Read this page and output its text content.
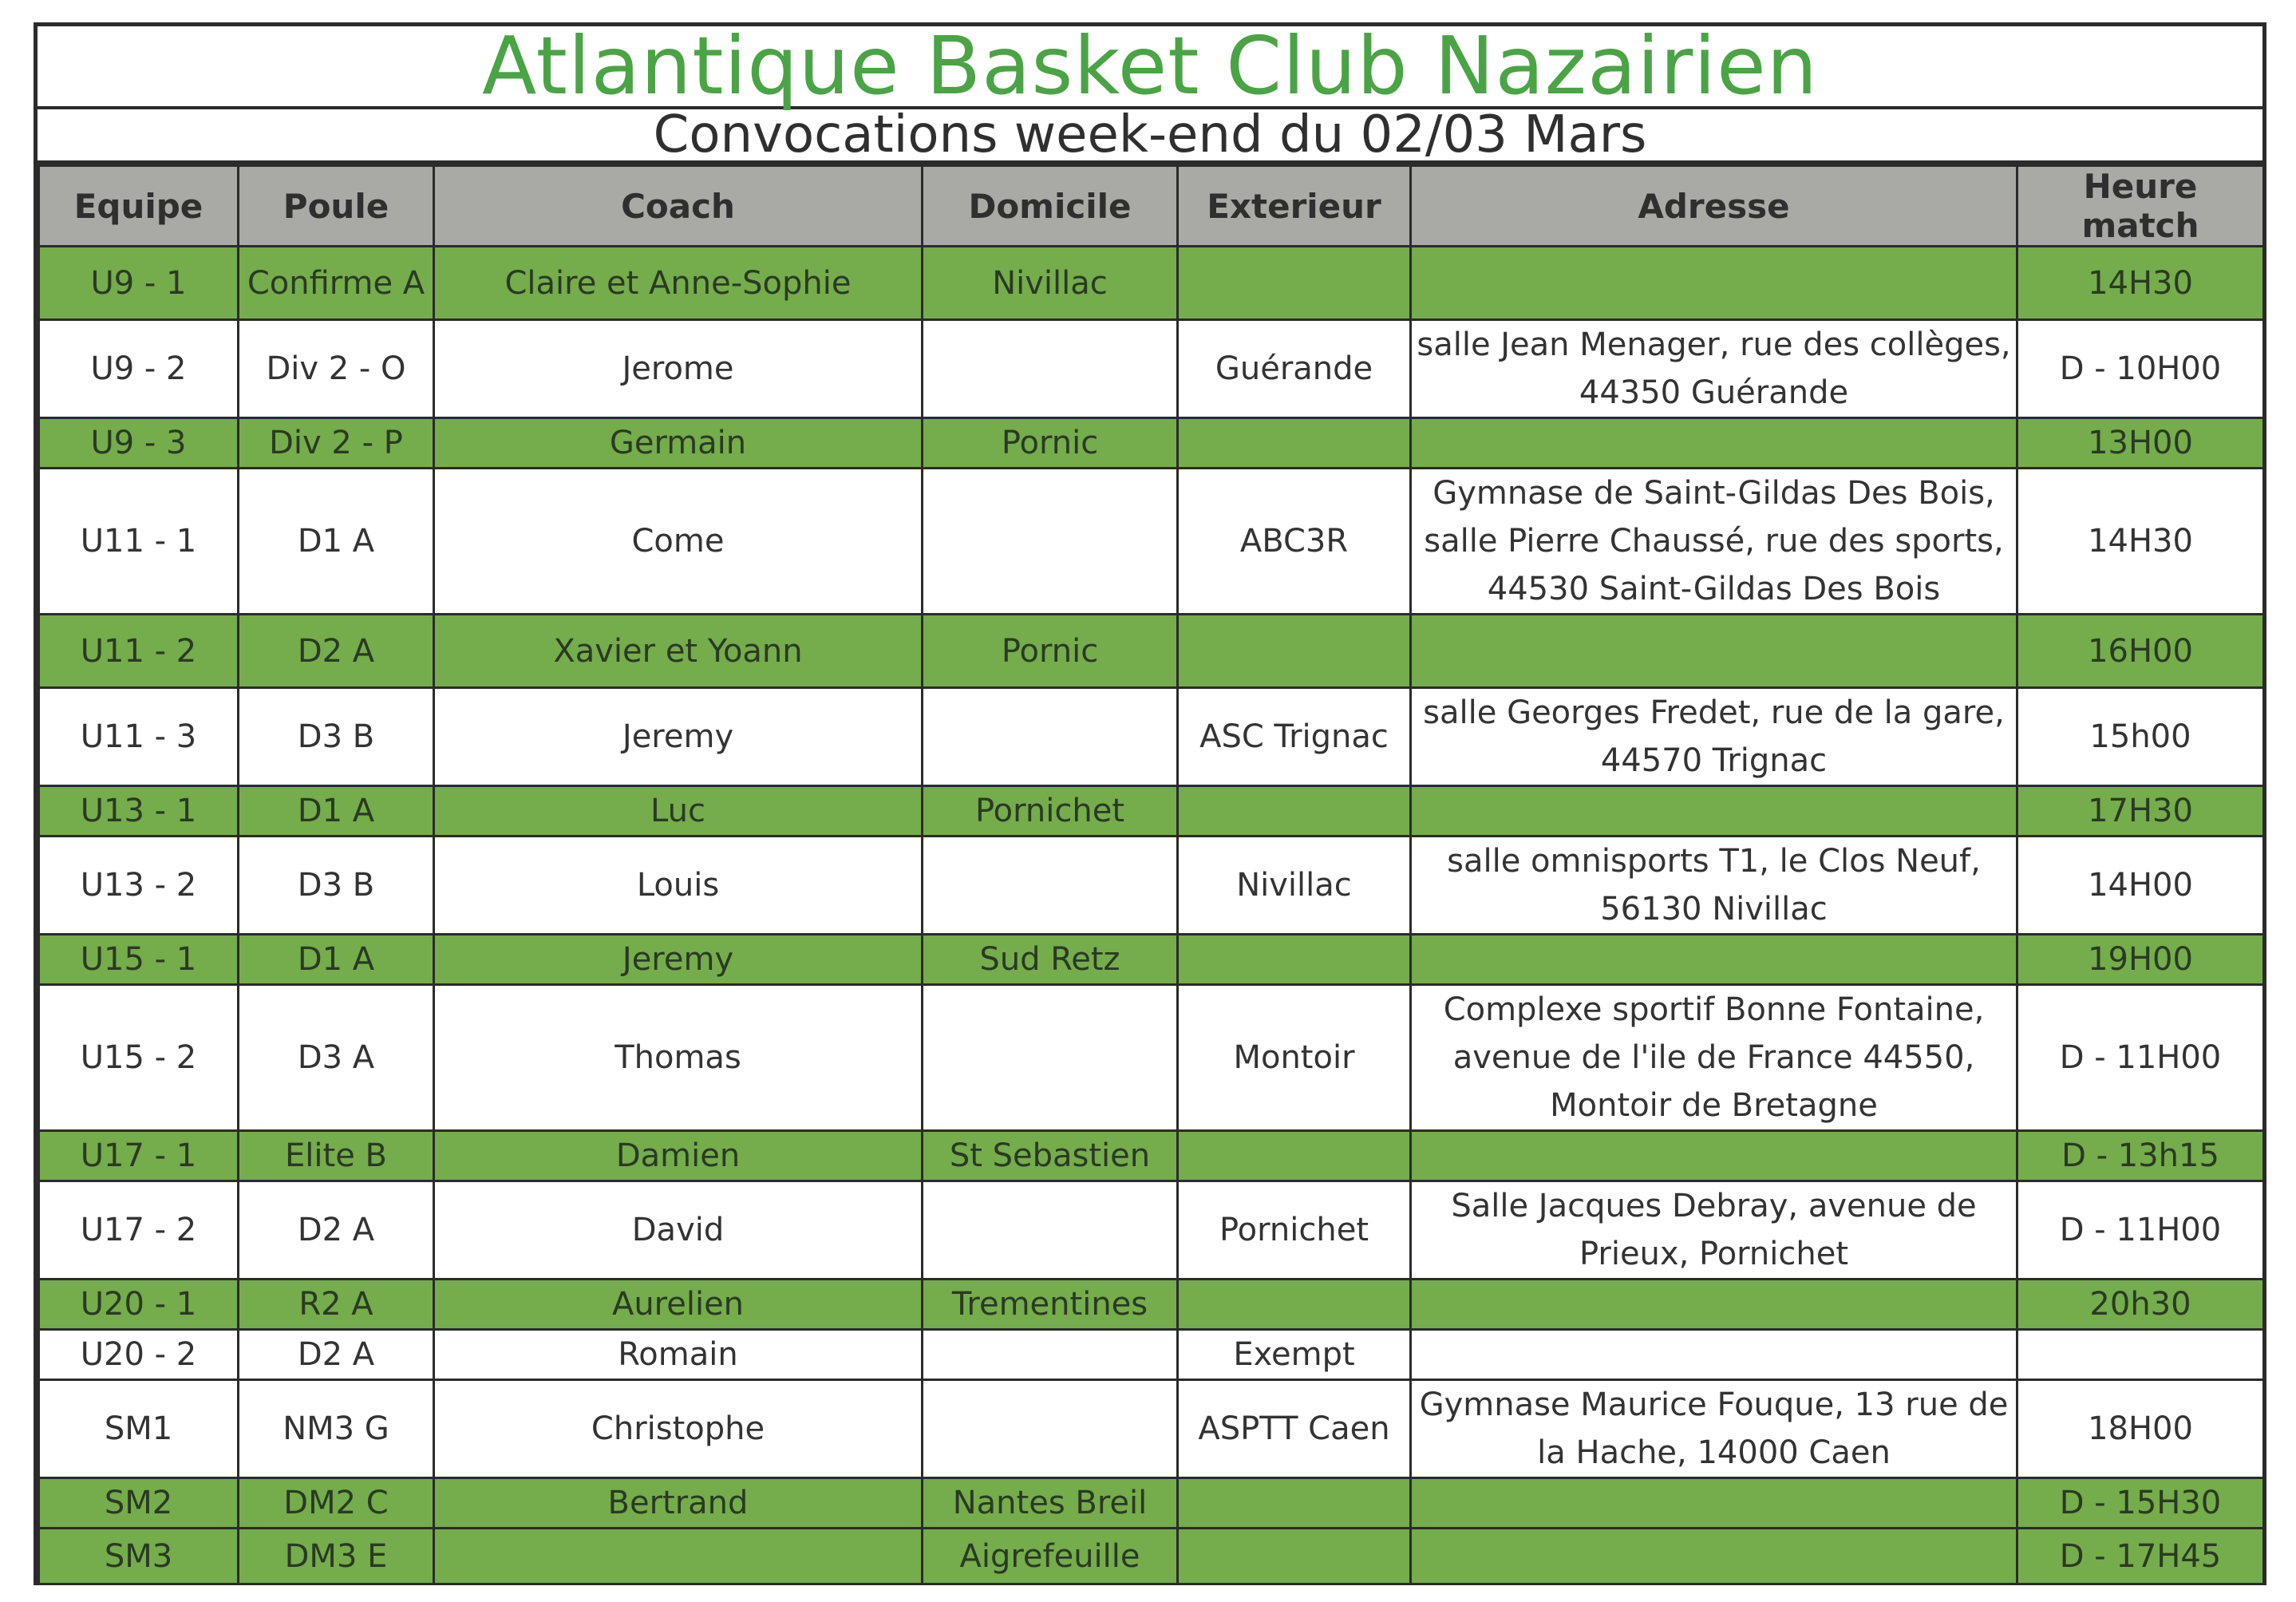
Atlantique Basket Club Nazairien
Convocations week-end du 02/03 Mars
Equipe	Poule	Coach	Domicile	Exterieur	Adresse	Heure match
U9 - 1	Confirme A	Claire et Anne-Sophie	Nivillac			14H30
U9 - 2	Div 2 - O	Jerome		Guérande	salle Jean Menager, rue des collèges, 44350 Guérande	D - 10H00
U9 - 3	Div 2 - P	Germain	Pornic			13H00
U11 - 1	D1 A	Come		ABC3R	Gymnase de Saint-Gildas Des Bois, salle Pierre Chaussé, rue des sports, 44530 Saint-Gildas Des Bois	14H30
U11 - 2	D2 A	Xavier et Yoann	Pornic			16H00
U11 - 3	D3 B	Jeremy		ASC Trignac	salle Georges Fredet, rue de la gare, 44570 Trignac	15h00
U13 - 1	D1 A	Luc	Pornichet			17H30
U13 - 2	D3 B	Louis		Nivillac	salle omnisports T1, le Clos Neuf, 56130 Nivillac	14H00
U15 - 1	D1 A	Jeremy	Sud Retz			19H00
U15 - 2	D3 A	Thomas		Montoir	Complexe sportif Bonne Fontaine, avenue de l'ile de France 44550, Montoir de Bretagne	D - 11H00
U17 - 1	Elite B	Damien	St Sebastien			D - 13h15
U17 - 2	D2 A	David		Pornichet	Salle Jacques Debray, avenue de Prieux, Pornichet	D - 11H00
U20 - 1	R2 A	Aurelien	Trementines			20h30
U20 - 2	D2 A	Romain		Exempt		
SM1	NM3 G	Christophe		ASPTT Caen	Gymnase Maurice Fouque, 13 rue de la Hache, 14000 Caen	18H00
SM2	DM2 C	Bertrand	Nantes Breil			D - 15H30
SM3	DM3 E		Aigrefeuille			D - 17H45
